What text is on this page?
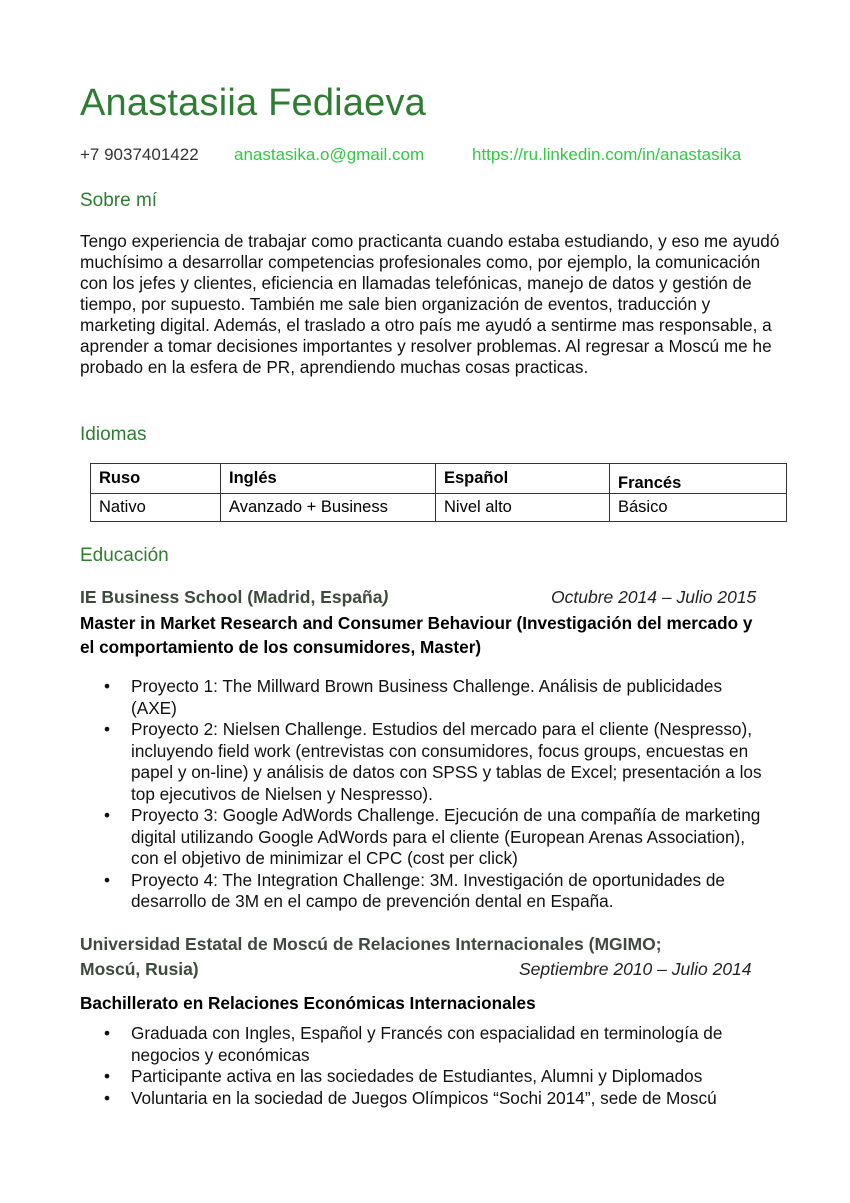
Anastasiia Fediaeva
+7 9037401422 anastasika.o@gmail.com	https://ru.linkedin.com/in/anastasika
Sobre mí

Tengo experiencia de trabajar como practicanta cuando estaba estudiando, y eso me ayudó muchísimo a desarrollar competencias profesionales como, por ejemplo, la comunicación con los jefes y clientes, eficiencia en llamadas telefónicas, manejo de datos y gestión de tiempo, por supuesto. También me sale bien organización de eventos, traducción y marketing digital. Además, el traslado a otro país me ayudó a sentirme mas responsable, a aprender a tomar decisiones importantes y resolver problemas. Al regresar a Moscú me he probado en la esfera de PR, aprendiendo muchas cosas practicas.

Idiomas
Ruso	Inglés	Español	Francés
Nativo	Avanzado + Business	Nivel alto	Básico
Educación
IE Business School (Madrid, España)	Octubre 2014 – Julio 2015
Master in Market Research and Consumer Behaviour (Investigación del mercado y el comportamiento de los consumidores, Master)
• Proyecto 1: The Millward Brown Business Challenge. Análisis de publicidades (AXE)
• Proyecto 2: Nielsen Challenge. Estudios del mercado para el cliente (Nespresso), incluyendo field work (entrevistas con consumidores, focus groups, encuestas en papel y on-line) y análisis de datos con SPSS y tablas de Excel; presentación a los top ejecutivos de Nielsen y Nespresso).
• Proyecto 3: Google AdWords Challenge. Ejecución de una compañía de marketing digital utilizando Google AdWords para el cliente (European Arenas Association), con el objetivo de minimizar el CPC (cost per click)
• Proyecto 4: The Integration Challenge: 3M. Investigación de oportunidades de desarrollo de 3M en el campo de prevención dental en España.
Universidad Estatal de Moscú de Relaciones Internacionales (MGIMO;
Moscú, Rusia)	Septiembre 2010 – Julio 2014
Bachillerato en Relaciones Económicas Internacionales
• Graduada con Ingles, Español y Francés con espacialidad en terminología de negocios y económicas
• Participante activa en las sociedades de Estudiantes, Alumni y Diplomados
• Voluntaria en la sociedad de Juegos Olímpicos “Sochi 2014”, sede de Moscú
